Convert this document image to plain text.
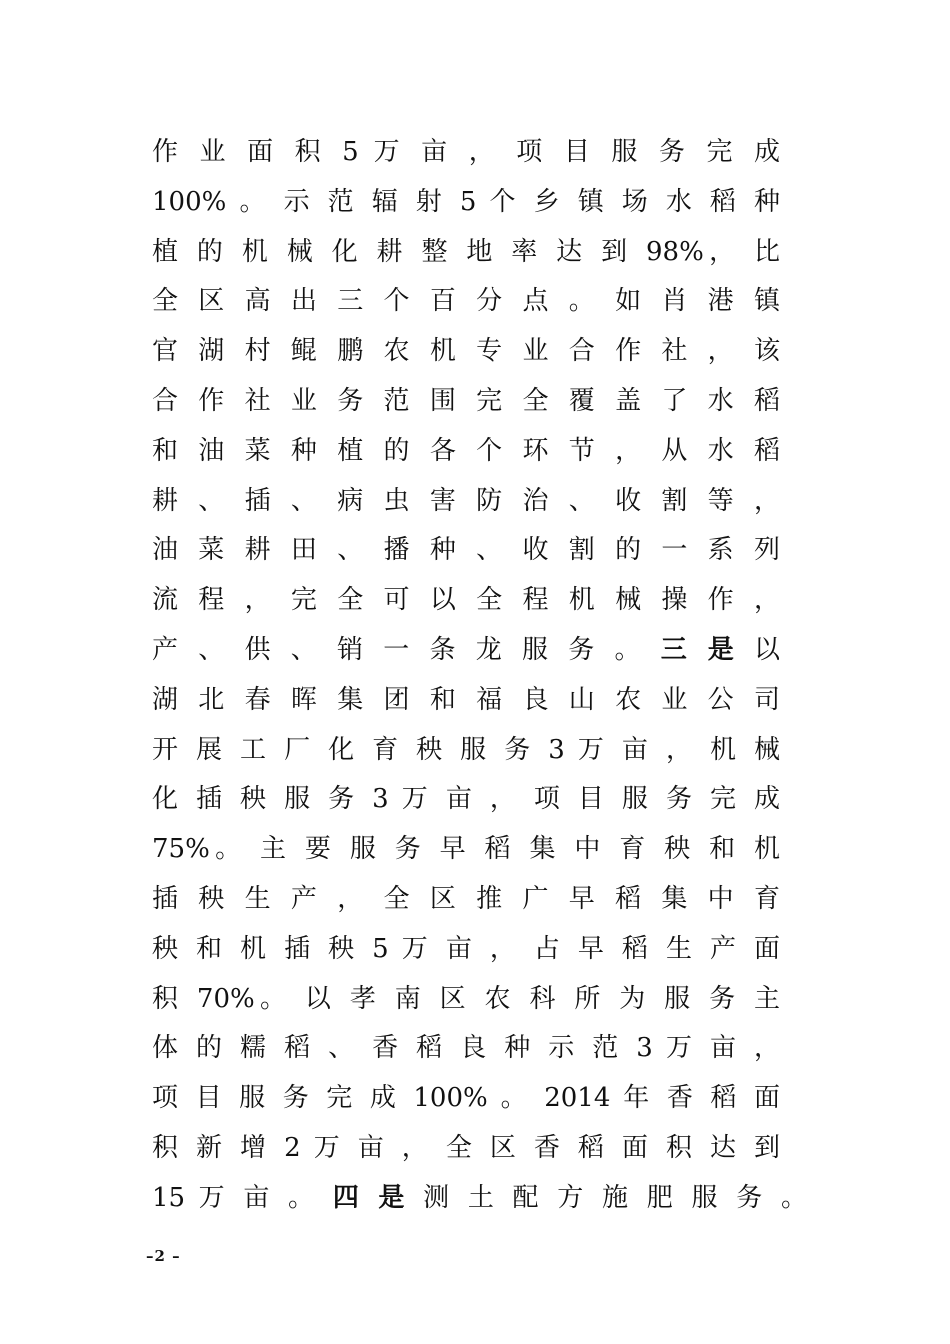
作 业 面 积 5 万 亩 ， 项 目 服 务 完 成
100% 。 示 范 辐 射 5 个 乡 镇 场 水 稻 种
植 的 机 械 化 耕 整 地 率 达 到 98%， 比
全 区 高 出 三 个 百 分 点 。 如 肖 港 镇
官 湖 村 鲲 鹏 农 机 专 业 合 作 社 ， 该
合 作 社 业 务 范 围 完 全 覆 盖 了 水 稻
和 油 菜 种 植 的 各 个 环 节 ， 从 水 稻
耕 、 插 、 病 虫 害 防 治 、 收 割 等 ，
油 菜 耕 田 、 播 种 、 收 割 的 一 系 列
流 程 ， 完 全 可 以 全 程 机 械 操 作 ，
产 、 供 、 销 一 条 龙 服 务 。 三 是 以
湖 北 春 晖 集 团 和 福 良 山 农 业 公 司
开 展 工 厂 化 育 秧 服 务 3 万 亩 ， 机 械
化 插 秧 服 务 3 万 亩 ， 项 目 服 务 完 成
75%。 主 要 服 务 早 稻 集 中 育 秧 和 机
插 秧 生 产 ， 全 区 推 广 早 稻 集 中 育
秧 和 机 插 秧 5 万 亩 ， 占 早 稻 生 产 面
积 70%。 以 孝 南 区 农 科 所 为 服 务 主
体 的 糯 稻 、 香 稻 良 种 示 范 3 万 亩 ，
项 目 服 务 完 成 100% 。 2014 年 香 稻 面
积 新 增 2 万 亩 ， 全 区 香 稻 面 积 达 到
15 万 亩 。 四 是 测 土 配 方 施 肥 服 务 。
–2 –
